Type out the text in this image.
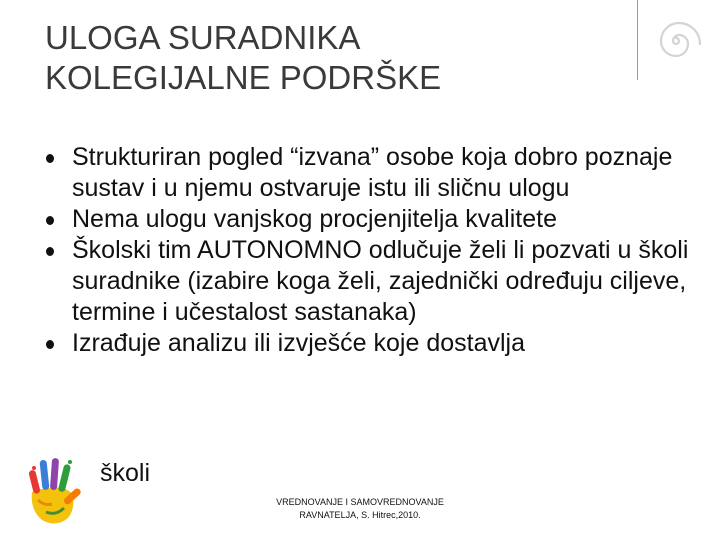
ULOGA SURADNIKA
KOLEGIJALNE PODRŠKE
Strukturiran pogled “izvana” osobe koja dobro poznaje sustav i u njemu ostvaruje istu ili sličnu ulogu
Nema ulogu vanjskog procjenjitelja kvalitete
Školski tim AUTONOMNO odlučuje želi li pozvati u školi suradnike (izabire koga želi, zajednički određuju ciljeve, termine i učestalost sastanaka)
Izrađuje analizu ili izvješće koje dostavlja
školi
VREDNOVANJE I SAMOVREDNOVANJE
RAVNATELJA, S. Hitrec,2010.
